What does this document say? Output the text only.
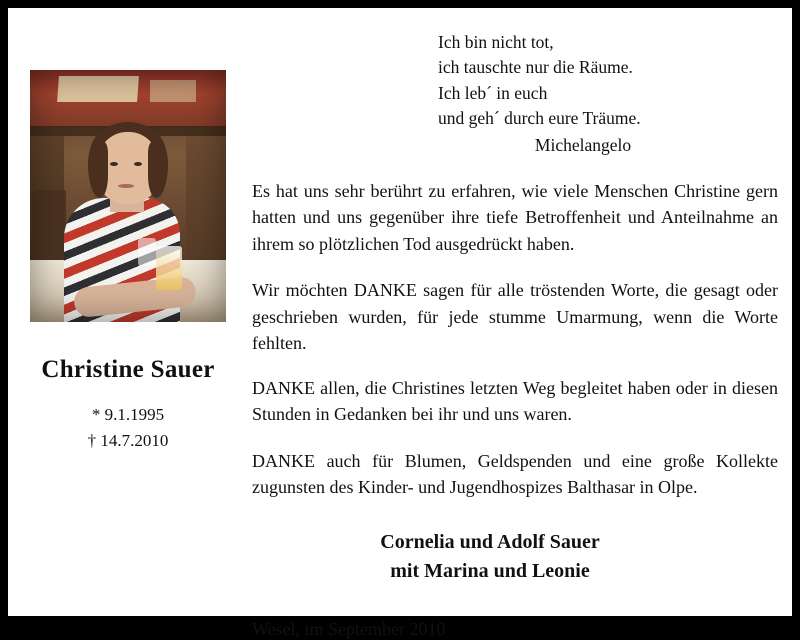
Christine Sauer
* 9.1.1995
† 14.7.2010
Ich bin nicht tot,
ich tauschte nur die Räume.
Ich leb´ in euch
und geh´ durch eure Träume.
Michelangelo

Es hat uns sehr berührt zu erfahren, wie viele Menschen Christine gern hatten und uns gegenüber ihre tiefe Betroffenheit und Anteilnahme an ihrem so plötzlichen Tod ausgedrückt haben.

Wir möchten DANKE sagen für alle tröstenden Worte, die gesagt oder geschrieben wurden, für jede stumme Umarmung, wenn die Worte fehlten.

DANKE allen, die Christines letzten Weg begleitet haben oder in diesen Stunden in Gedanken bei ihr und uns waren.

DANKE auch für Blumen, Geldspenden und eine große Kollekte zugunsten des Kinder- und Jugendhospizes Balthasar in Olpe.

Cornelia und Adolf Sauer
mit Marina und Leonie
Wesel, im September 2010
